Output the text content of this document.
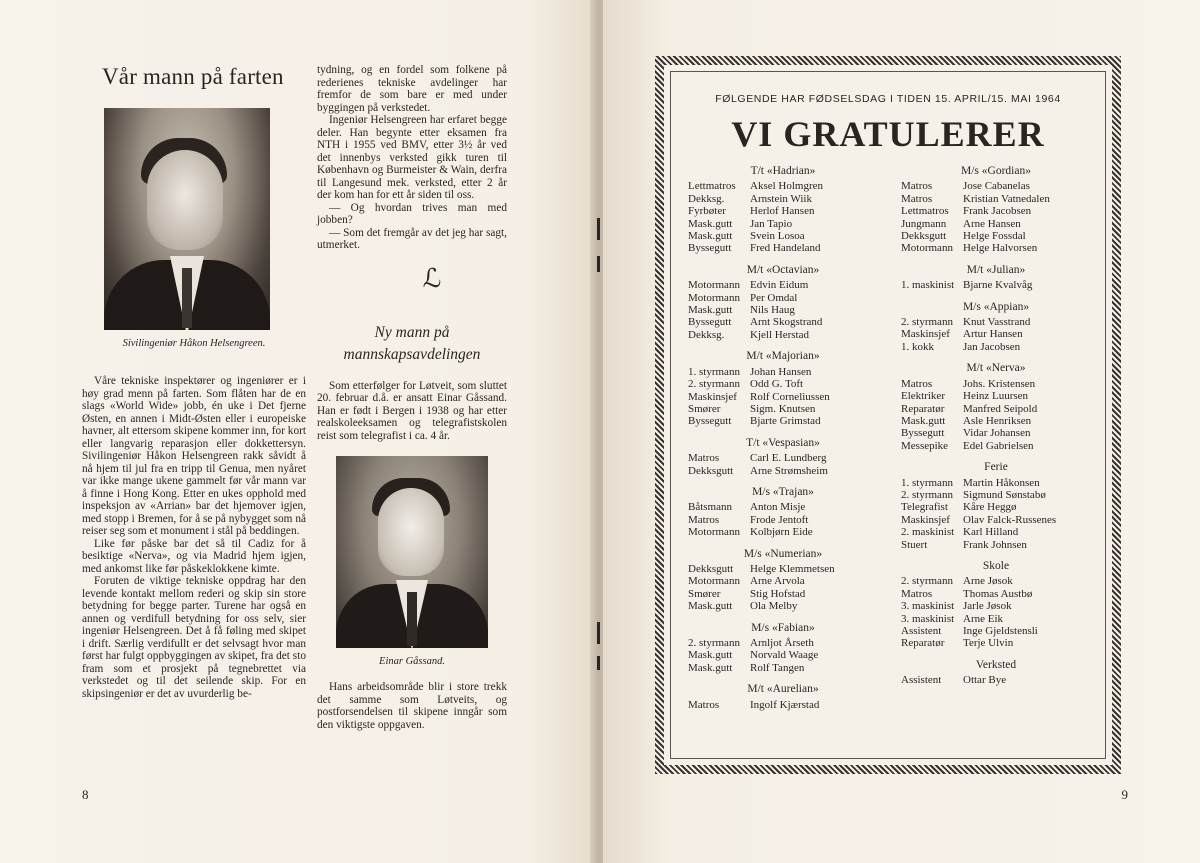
Vår mann på farten
Sivilingeniør Håkon Helsengreen.

Våre tekniske inspektører og ingeniører er i høy grad menn på farten. Som flåten har de en slags «World Wide» jobb, én uke i Det fjerne Østen, en annen i Midt-Østen eller i europeiske havner, alt ettersom skipene kommer inn, for kort eller langvarig reparasjon eller dokkettersyn. Sivilingeniør Håkon Helsengreen rakk såvidt å nå hjem til jul fra en tripp til Genua, men nyåret var ikke mange ukene gammelt før vår mann var å finne i Hong Kong. Etter en ukes opphold med inspeksjon av «Arrian» bar det hjemover igjen, med stopp i Bremen, for å se på nybygget som nå reiser seg som et monument i stål på beddingen.

Like før påske bar det så til Cadiz for å besiktige «Nerva», og via Madrid hjem igjen, med ankomst like før påskeklokkene kimte.

Foruten de viktige tekniske oppdrag har den levende kontakt mellom rederi og skip sin store betydning for begge parter. Turene har også en annen og verdifull betydning for oss selv, sier ingeniør Helsengreen. Det å få føling med skipet i drift. Særlig verdifullt er det selvsagt hvor man først har fulgt oppbyggingen av skipet, fra det sto fram som et prosjekt på tegnebrettet via verkstedet og til det seilende skip. For en skipsingeniør er det av uvurderlig be-

tydning, og en fordel som folkene på rederienes tekniske avdelinger har fremfor de som bare er med under byggingen på verkstedet.

Ingeniør Helsengreen har erfaret begge deler. Han begynte etter eksamen fra NTH i 1955 ved BMV, etter 3½ år ved det innenbys verksted gikk turen til København og Burmeister & Wain, derfra til Langesund mek. verksted, etter 2 år der kom han for ett år siden til oss.

— Og hvordan trives man med jobben?

— Som det fremgår av det jeg har sagt, utmerket.

ℒ
Ny mann på
mannskapsavdelingen

Som etterfølger for Løtveit, som sluttet 20. februar d.å. er ansatt Einar Gåssand. Han er født i Bergen i 1938 og har etter realskoleeksamen og telegrafistskolen reist som telegrafist i ca. 4 år.

Einar Gåssand.

Hans arbeidsområde blir i store trekk det samme som Løtveits, og postforsendelsen til skipene inngår som den viktigste oppgaven.

8	9
FØLGENDE HAR FØDSELSDAG I TIDEN 15. APRIL/15. MAI 1964
VI GRATULERER
T/t «Hadrian»
Lettmatros	Aksel Holmgren
Dekksg.	Arnstein Wiik
Fyrbøter	Herlof Hansen
Mask.gutt	Jan Tapio
Mask.gutt	Svein Losoa
Byssegutt	Fred Handeland
M/t «Octavian»
Motormann Edvin Eidum
Motormann Per Omdal
Mask.gutt	Nils Haug
Byssegutt	Arnt Skogstrand
Dekksg.	Kjell Herstad
M/t «Majorian»
1. styrmann Johan Hansen
2. styrmann Odd G. Toft
Maskinsjef	Rolf Corneliussen
Smører	Sigm. Knutsen
Byssegutt	Bjarte Grimstad
T/t «Vespasian»
Matros	Carl E. Lundberg
Dekksgutt	Arne Strømsheim
M/s «Trajan»
Båtsmann	Anton Misje
Matros	Frode Jentoft
Motormann Kolbjørn Eide
M/s «Numerian»
Dekksgutt	Helge Klemmetsen
Motormann Arne Arvola
Smører	Stig Hofstad
Mask.gutt	Ola Melby
M/s «Fabian»
2. styrmann Arnljot Årseth
Mask.gutt	Norvald Waage
Mask.gutt	Rolf Tangen
M/t «Aurelian»
Matros	Ingolf Kjærstad
M/s «Gordian»
Matros	Jose Cabanelas
Matros	Kristian Vatnedalen
Lettmatros	Frank Jacobsen
Jungmann	Arne Hansen
Dekksgutt	Helge Fossdal
Motormann Helge Halvorsen
M/t «Julian»
1. maskinist Bjarne Kvalvåg
M/s «Appian»
2. styrmann Knut Vasstrand
Maskinsjef	Artur Hansen
1. kokk	Jan Jacobsen
M/t «Nerva»
Matros	Johs. Kristensen
Elektriker	Heinz Luursen
Reparatør	Manfred Seipold
Mask.gutt	Asle Henriksen
Byssegutt	Vidar Johansen
Messepike	Edel Gabrielsen
Ferie
1. styrmann Martin Håkonsen
2. styrmann Sigmund Sønstabø
Telegrafist	Kåre Heggø
Maskinsjef	Olav Falck-Russenes
2. maskinist Karl Hilland
Stuert	Frank Johnsen
Skole
2. styrmann Arne Jøsok
Matros	Thomas Austbø
3. maskinist Jarle Jøsok
3. maskinist Arne Eik
Assistent	Inge Gjeldstensli
Reparatør	Terje Ulvin
Verksted
Assistent	Ottar Bye
